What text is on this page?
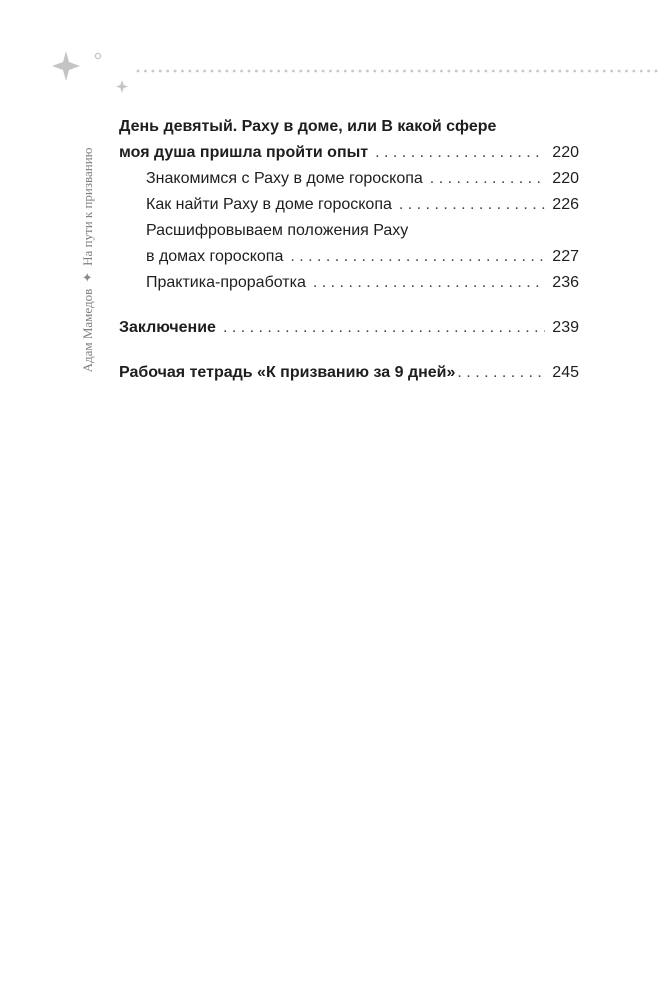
Адам Мамедов
✦
На пути к призванию
День девятый. Раху в доме, или В какой сфере
моя душа пришла пройти опыт . . .	220
Знакомимся с Раху в доме гороскопа . . .	220
Как найти Раху в доме гороскопа . . .	226
Расшифровываем положения Раху
в домах гороскопа . . .	227
Практика-проработка . . .	236
Заключение . . .	239
Рабочая тетрадь «К призванию за 9 дней» . . .	245
